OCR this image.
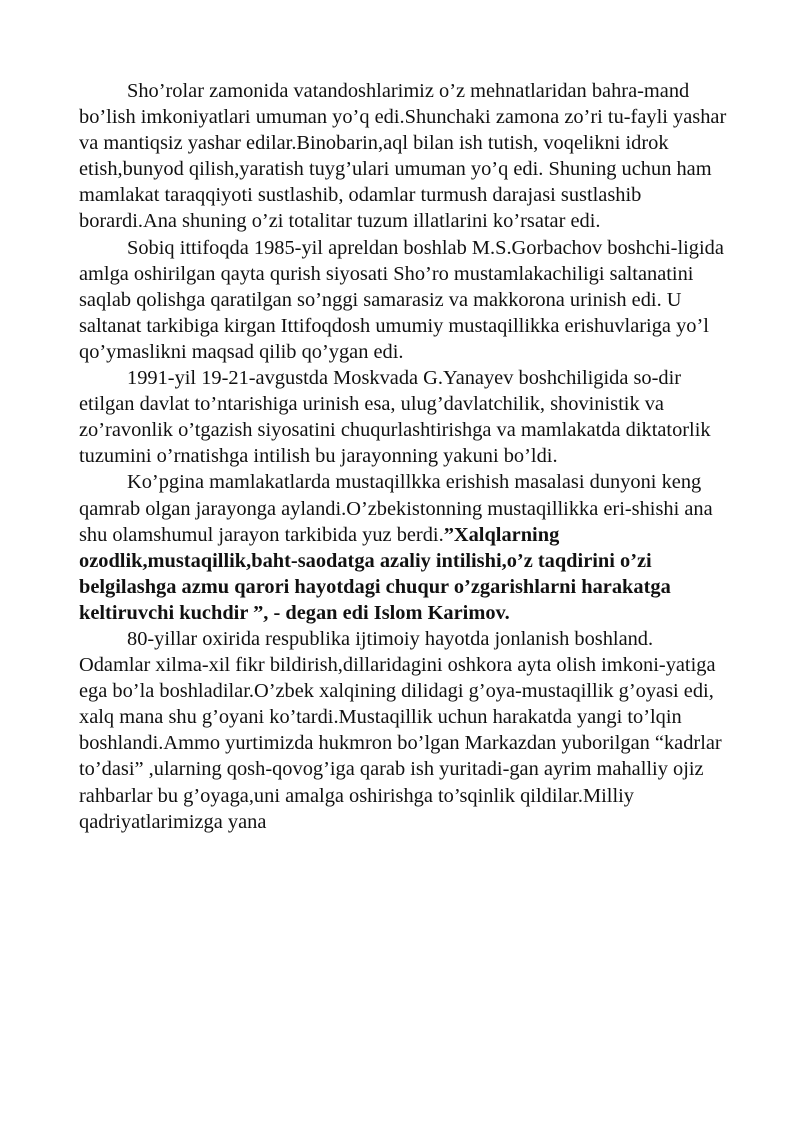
Sho’rolar zamonida vatandoshlarimiz o’z mehnatlaridan bahra-mand bo’lish imkoniyatlari umuman yo’q edi.Shunchaki zamona zo’ri tu-fayli yashar va mantiqsiz yashar edilar.Binobarin,aql bilan ish tutish, voqelikni idrok etish,bunyod qilish,yaratish tuyg’ulari umuman yo’q edi. Shuning uchun ham mamlakat taraqqiyoti sustlashib, odamlar turmush darajasi sustlashib borardi.Ana shuning o’zi totalitar tuzum illatlarini ko’rsatar edi.

Sobiq ittifoqda 1985-yil apreldan boshlab M.S.Gorbachov boshchi-ligida amlga oshirilgan qayta qurish siyosati Sho’ro mustamlakachiligi saltanatini saqlab qolishga qaratilgan so’nggi samarasiz va makkorona urinish edi. U saltanat tarkibiga kirgan Ittifoqdosh umumiy mustaqillikka erishuvlariga yo’l qo’ymaslikni maqsad qilib qo’ygan edi.

1991-yil 19-21-avgustda Moskvada G.Yanayev boshchiligida so-dir etilgan davlat to’ntarishiga urinish esa, ulug’davlatchilik, shovinistik va zo’ravonlik o’tgazish siyosatini chuqurlashtirishga va mamlakatda diktatorlik tuzumini o’rnatishga intilish bu jarayonning yakuni bo’ldi.

Ko’pgina mamlakatlarda mustaqillkka erishish masalasi dunyoni keng qamrab olgan jarayonga aylandi.O’zbekistonning mustaqillikka eri-shishi ana shu olamshumul jarayon tarkibida yuz berdi.”Xalqlarning ozodlik,mustaqillik,baht-saodatga azaliy intilishi,o’z taqdirini o’zi belgilashga azmu qarori hayotdagi chuqur o’zgarishlarni harakatga keltiruvchi kuchdir ”, - degan edi Islom Karimov.

80-yillar oxirida respublika ijtimoiy hayotda jonlanish boshland. Odamlar xilma-xil fikr bildirish,dillaridagini oshkora ayta olish imkoni-yatiga ega bo’la boshladilar.O’zbek xalqining dilidagi g’oya-mustaqillik g’oyasi edi, xalq mana shu g’oyani ko’tardi.Mustaqillik uchun harakatda yangi to’lqin boshlandi.Ammo yurtimizda hukmron bo’lgan Markazdan yuborilgan “kadrlar to’dasi” ,ularning qosh-qovog’iga qarab ish yuritadi-gan ayrim mahalliy ojiz rahbarlar bu g’oyaga,uni amalga oshirishga to’sqinlik qildilar.Milliy qadriyatlarimizga yana
